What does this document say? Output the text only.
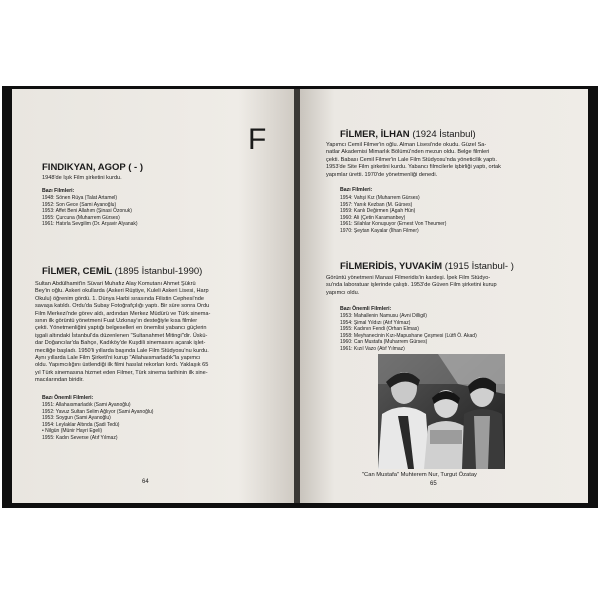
F
FINDIKYAN, AGOP ( - )
1948'de Işık Film şirketini kurdu.
Bazı Filmleri:
1948: Sönen Rüya (Talat Artamel)
1952: Son Gece (Sami Ayanoğlu)
1953: Affet Beni Allahım (Şinasi Özonuk)
1955: Çurcuna (Muharrem Gürses)
1961: Hatırla Sevgilim (Dr. Arşavir Alyanak)
FİLMER, CEMİL (1895 İstanbul-1990)
Sultan Abdülhamit'in Süvari Muhafız Alay Komutanı Ahmet Şükrü
Bey'in oğlu. Askeri okullarda (Askeri Rüştiye, Kuleli Askeri Lisesi, Harp
Okulu) öğrenim gördü. 1. Dünya Harbi sırasında Filistin Cephesi'nde
savaşa katıldı. Ordu'da Subay Fotoğrafçılığı yaptı. Bir süre sonra Ordu
Film Merkezi'nde görev aldı, ardından Merkez Müdürü ve Türk sinema-
sının ilk görüntü yönetmeni Fuat Uzkınay'ın desteğiyle kısa filmler
çekti. Yönetmenliğini yaptığı belgeselleri en önemlisi yabancı güçlerin
işgali altındaki İstanbul'da düzenlenen "Sultanahmet Mitingi"dir. Üskü-
dar Doğancılar'da Bahçe, Kadıköy'de Kuşdili sinemasını açarak işlet-
meciliğe başladı. 1950'li yıllarda başında Lale Film Stüdyosu'nu kurdu.
Aynı yıllarda Lale Film Şirketi'ni kurup "Allahaısmarladık"la yapımcı
oldu. Yapımcılığını üstlendiği ilk filmi hasılat rekorları kırdı. Yaklaşık 65
yıl Türk sinemasına hizmet eden Filmer, Türk sinema tarihinin ilk sine-
macılarından biridir.
Bazı Önemli Filmleri:
1951: Allahaısmarladık (Sami Ayanoğlu)
1952: Yavuz Sultan Selim Ağlıyor (Sami Ayanoğlu)
1953: Soygun (Sami Ayanoğlu)
1954: Leylaklar Altında (Şadi Tedü)
• Nilgün (Münir Hayri Egeli)
1955: Kadın Severse (Atıf Yılmaz)
64
FİLMER, İLHAN (1924 İstanbul)
Yapımcı Cemil Filmer'in oğlu. Alman Lisesi'nde okudu. Güzel Sa-
natlar Akademisi Mimarlık Bölümü'nden mezun oldu. Belge filmleri
çekti. Babası Cemil Filmer'in Lale Film Stüdyosu'nda yöneticilik yaptı.
1953'de Site Film şirketini kurdu. Yabancı filmcilerle işbirliği yaptı, ortak
yapımlar üretti. 1970'de yönetmenliği denedi.
Bazı Filmleri:
1954: Vahşi Kız (Muharrem Gürses)
1957: Yanık Kezban (M. Gürses)
1959: Kanlı Değirmen (Agah Hün)
1960: Ali (Çetin Karamanbey)
1961: Silahlar Konuşuyor (Ernest Von Theumer)
1970: Şeytan Kayalar (İlhan Filmer)
FİLMERİDİS, YUVAKİM (1915 İstanbul- )
Görüntü yönetmeni Manasi Filmeridis'in kardeşi. İpek Film Stüdyo-
su'nda laboratuar işlerinde çalıştı. 1953'de Güven Film şirketini kurup
yapımcı oldu.
Bazı Önemli Filmleri:
1953: Mahallenin Namusu (Avni Dilligil)
1954: Şimal Yıldızı (Atıf Yılmaz)
1955: Kadının Fendi (Orhan Elmas)
1958: Meyhanecinin Kızı-Mapushane Çeşmesi (Lütfi Ö. Akad)
1960: Can Mustafa (Muharrem Gürses)
1961: Kızıl Vazo (Atıf Yılmaz)
"Can Mustafa" Muhterem Nur, Turgut Özatay
65
